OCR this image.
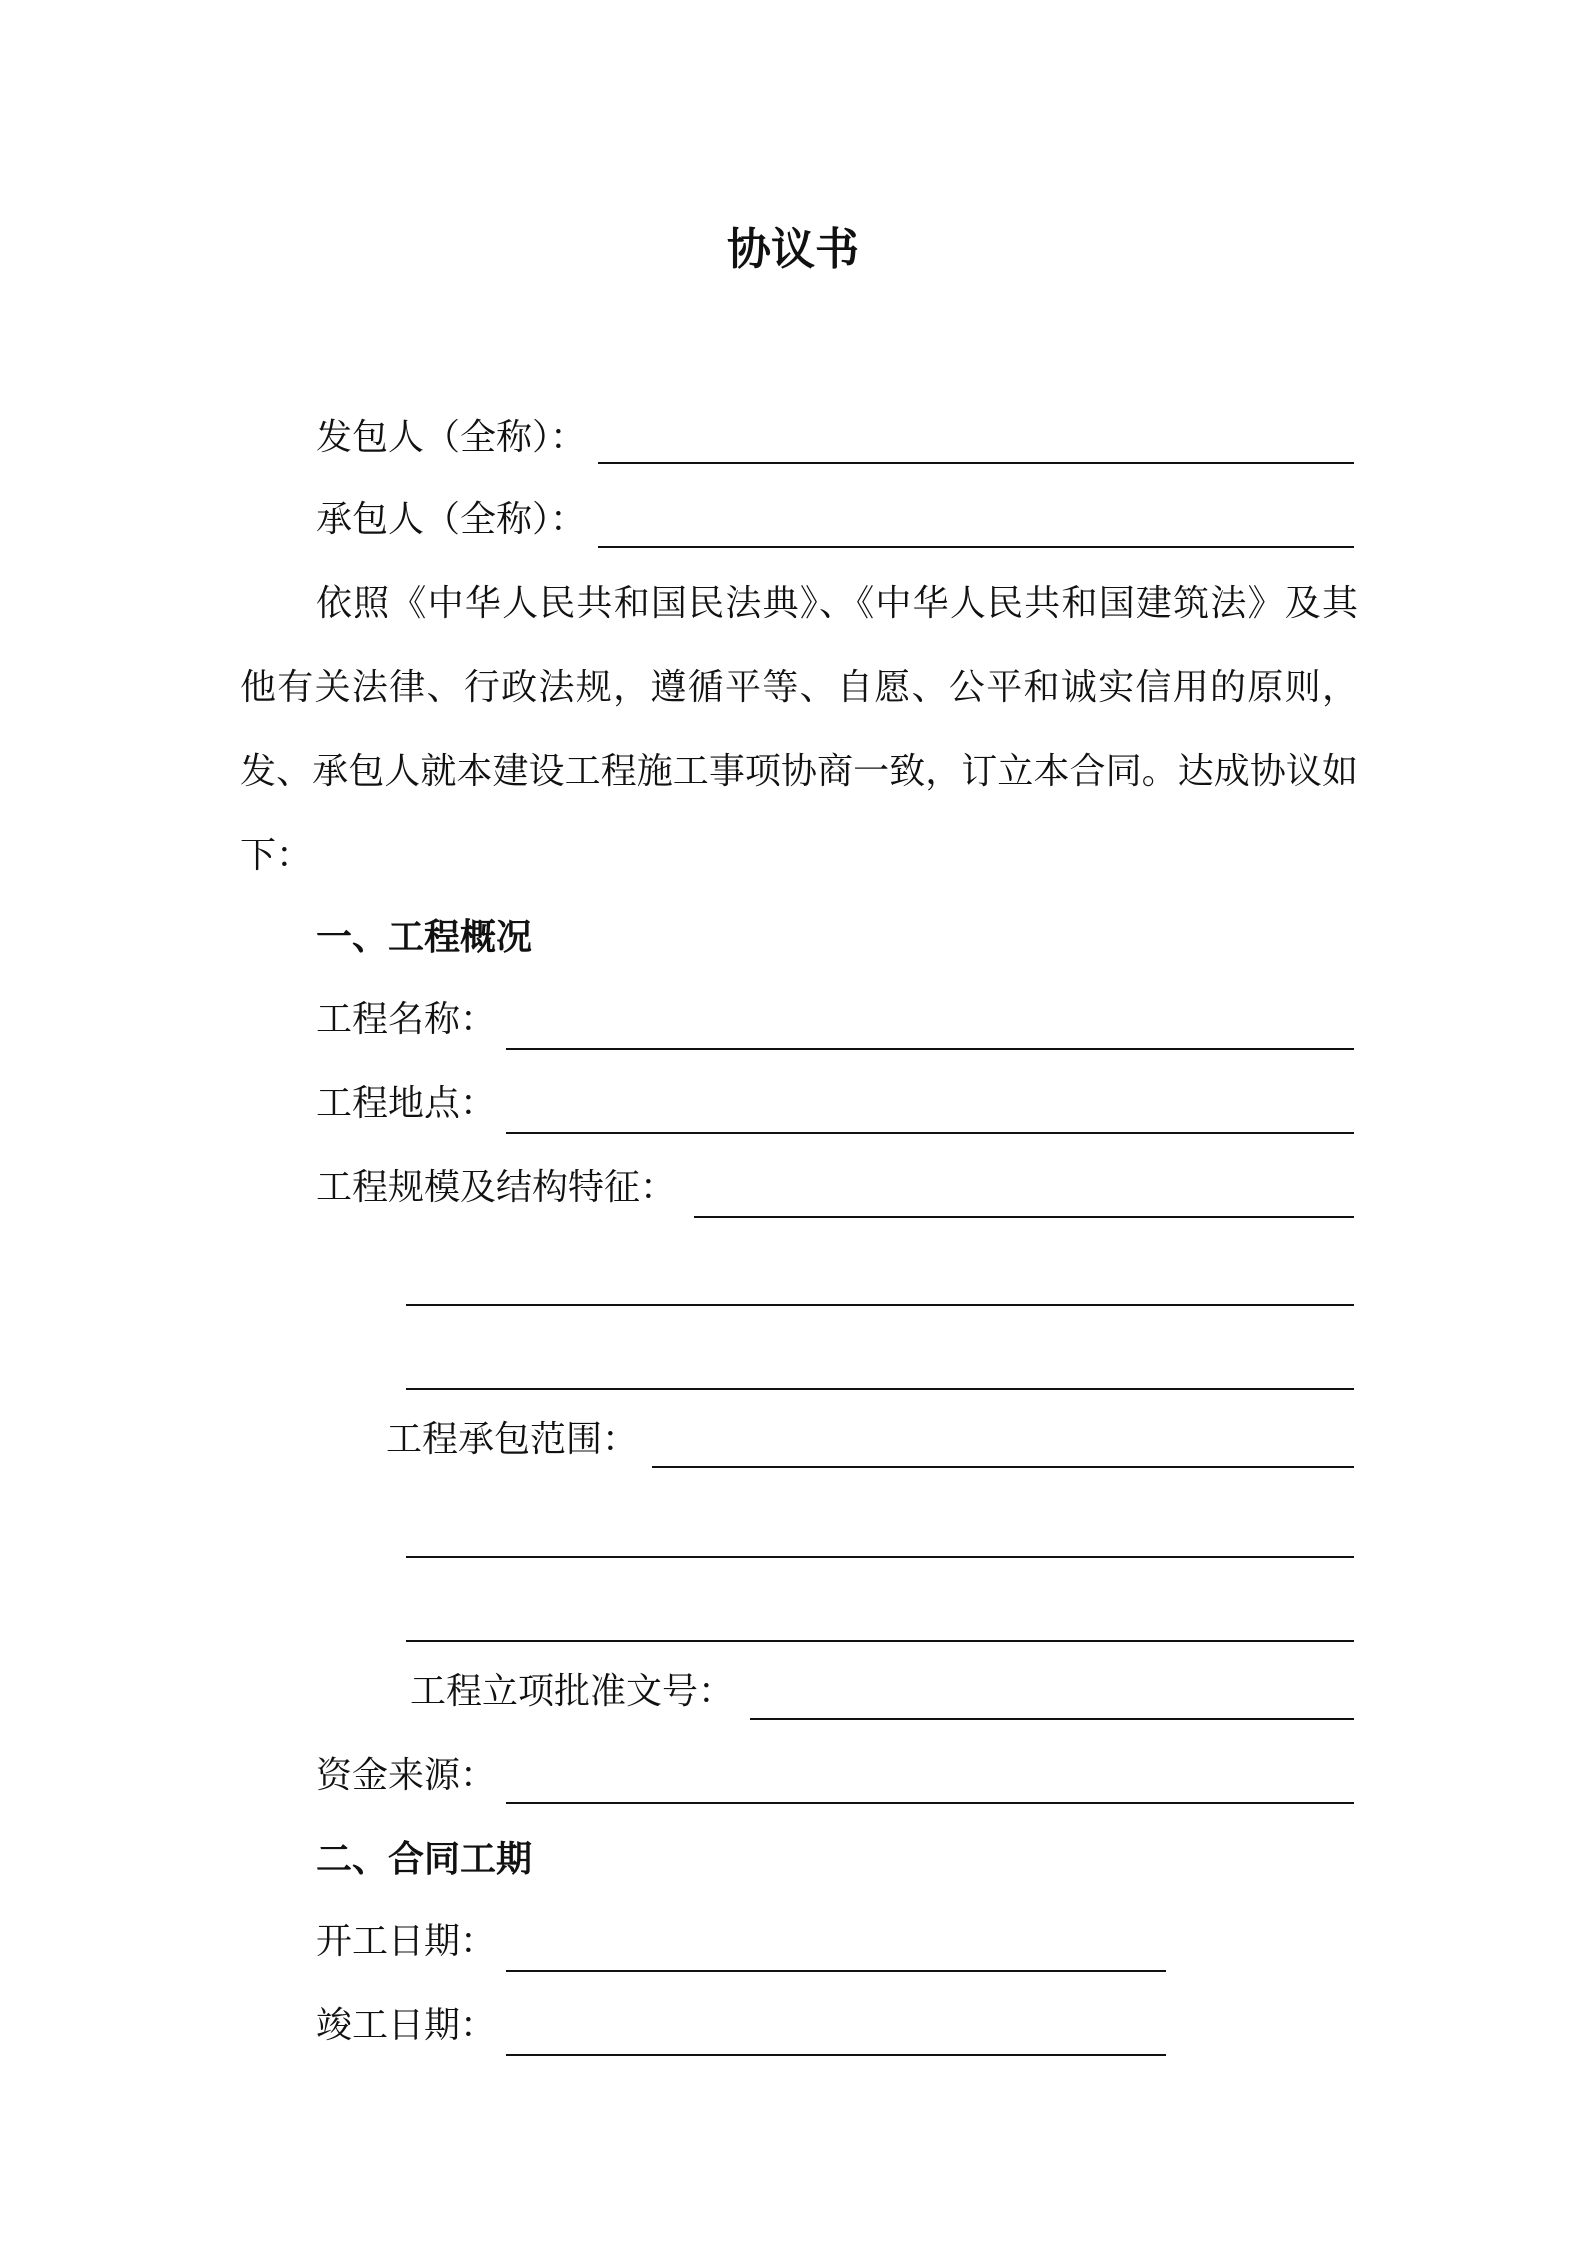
协议书
发包人（全称）：
承包人（全称）：
依照《中华人民共和国民法典》、《中华人民共和国建筑法》及其他有关法律、行政法规，遵循平等、自愿、公平和诚实信用的原则，发、承包人就本建设工程施工事项协商一致，订立本合同。达成协议如下：
一、工程概况
工程名称：
工程地点：
工程规模及结构特征：
工程承包范围：
工程立项批准文号：
资金来源：
二、合同工期
开工日期：
竣工日期：
